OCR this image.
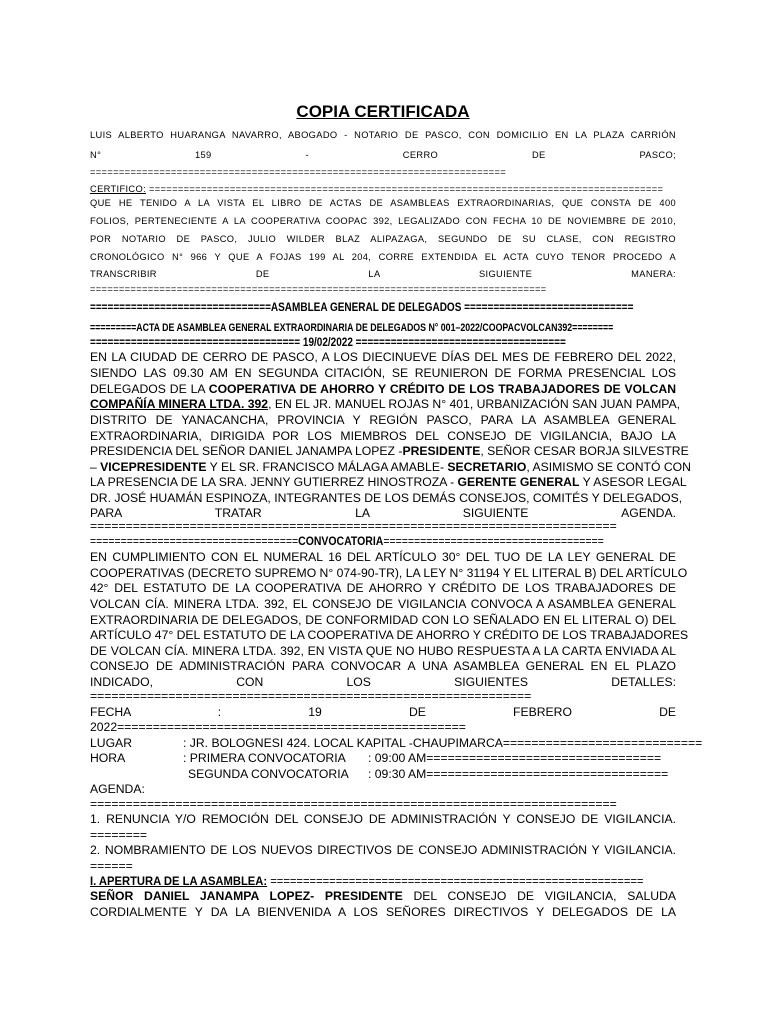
COPIA CERTIFICADA
LUIS ALBERTO HUARANGA NAVARRO, ABOGADO - NOTARIO DE PASCO, CON DOMICILIO EN LA PLAZA CARRIÓN
N° 159 - CERRO DE PASCO;
========================================================================
CERTIFICO: =========================================================================================
QUE HE TENIDO A LA VISTA EL LIBRO DE ACTAS DE ASAMBLEAS EXTRAORDINARIAS, QUE CONSTA DE 400
FOLIOS, PERTENECIENTE A LA COOPERATIVA COOPAC 392, LEGALIZADO CON FECHA 10 DE NOVIEMBRE DE 2010,
POR NOTARIO DE PASCO, JULIO WILDER BLAZ ALIPAZAGA, SEGUNDO DE SU CLASE, CON REGISTRO
CRONOLÓGICO N° 966 Y QUE A FOJAS 199 AL 204, CORRE EXTENDIDA EL ACTA CUYO TENOR PROCEDO A
TRANSCRIBIR DE LA SIGUIENTE MANERA:
===============================================================================
===============================ASAMBLEA GENERAL DE DELEGADOS =============================
=========ACTA DE ASAMBLEA GENERAL EXTRAORDINARIA DE DELEGADOS N° 001–2022/COOPACVOLCAN392========
==================================== 19/02/2022 ====================================
EN LA CIUDAD DE CERRO DE PASCO, A LOS DIECINUEVE DÍAS DEL MES DE FEBRERO DEL 2022,
SIENDO LAS 09.30 AM EN SEGUNDA CITACIÓN, SE REUNIERON DE FORMA PRESENCIAL LOS
DELEGADOS DE LA COOPERATIVA DE AHORRO Y CRÉDITO DE LOS TRABAJADORES DE VOLCAN
COMPAÑÍA MINERA LTDA. 392, EN EL JR. MANUEL ROJAS N° 401, URBANIZACIÓN SAN JUAN PAMPA,
DISTRITO DE YANACANCHA, PROVINCIA Y REGIÓN PASCO, PARA LA ASAMBLEA GENERAL
EXTRAORDINARIA, DIRIGIDA POR LOS MIEMBROS DEL CONSEJO DE VIGILANCIA, BAJO LA
PRESIDENCIA DEL SEÑOR DANIEL JANAMPA LOPEZ -PRESIDENTE, SEÑOR CESAR BORJA SILVESTRE
– VICEPRESIDENTE Y EL SR. FRANCISCO MÁLAGA AMABLE- SECRETARIO, ASIMISMO SE CONTÓ CON
LA PRESENCIA DE LA SRA. JENNY GUTIERREZ HINOSTROZA - GERENTE GENERAL Y ASESOR LEGAL
DR. JOSÉ HUAMÁN ESPINOZA, INTEGRANTES DE LOS DEMÁS CONSEJOS, COMITÉS Y DELEGADOS,
PARA TRATAR LA SIGUIENTE AGENDA.
==========================================================================
==================================CONVOCATORIA====================================
EN CUMPLIMIENTO CON EL NUMERAL 16 DEL ARTÍCULO 30° DEL TUO DE LA LEY GENERAL DE
COOPERATIVAS (DECRETO SUPREMO N° 074-90-TR), LA LEY N° 31194 Y EL LITERAL B) DEL ARTÍCULO
42° DEL ESTATUTO DE LA COOPERATIVA DE AHORRO Y CRÉDITO DE LOS TRABAJADORES DE
VOLCAN CÍA. MINERA LTDA. 392, EL CONSEJO DE VIGILANCIA CONVOCA A ASAMBLEA GENERAL
EXTRAORDINARIA DE DELEGADOS, DE CONFORMIDAD CON LO SEÑALADO EN EL LITERAL O) DEL
ARTÍCULO 47° DEL ESTATUTO DE LA COOPERATIVA DE AHORRO Y CRÉDITO DE LOS TRABAJADORES
DE VOLCAN CÍA. MINERA LTDA. 392, EN VISTA QUE NO HUBO RESPUESTA A LA CARTA ENVIADA AL
CONSEJO DE ADMINISTRACIÓN PARA CONVOCAR A UNA ASAMBLEA GENERAL EN EL PLAZO
INDICADO, CON LOS SIGUIENTES DETALLES:
==============================================================
FECHA : 19 DE FEBRERO DE
2022=================================================
LUGAR	: JR. BOLOGNESI 424. LOCAL KAPITAL -CHAUPIMARCA============================
HORA	: PRIMERA CONVOCATORIA : 09:00 AM=================================
SEGUNDA CONVOCATORIA : 09:30 AM==================================
AGENDA:
==========================================================================
1. RENUNCIA Y/O REMOCIÓN DEL CONSEJO DE ADMINISTRACIÓN Y CONSEJO DE VIGILANCIA.
========
2. NOMBRAMIENTO DE LOS NUEVOS DIRECTIVOS DE CONSEJO ADMINISTRACIÓN Y VIGILANCIA.
======
I. APERTURA DE LA ASAMBLEA: =========================================================
SEÑOR DANIEL JANAMPA LOPEZ- PRESIDENTE DEL CONSEJO DE VIGILANCIA, SALUDA
CORDIALMENTE Y DA LA BIENVENIDA A LOS SEÑORES DIRECTIVOS Y DELEGADOS DE LA
